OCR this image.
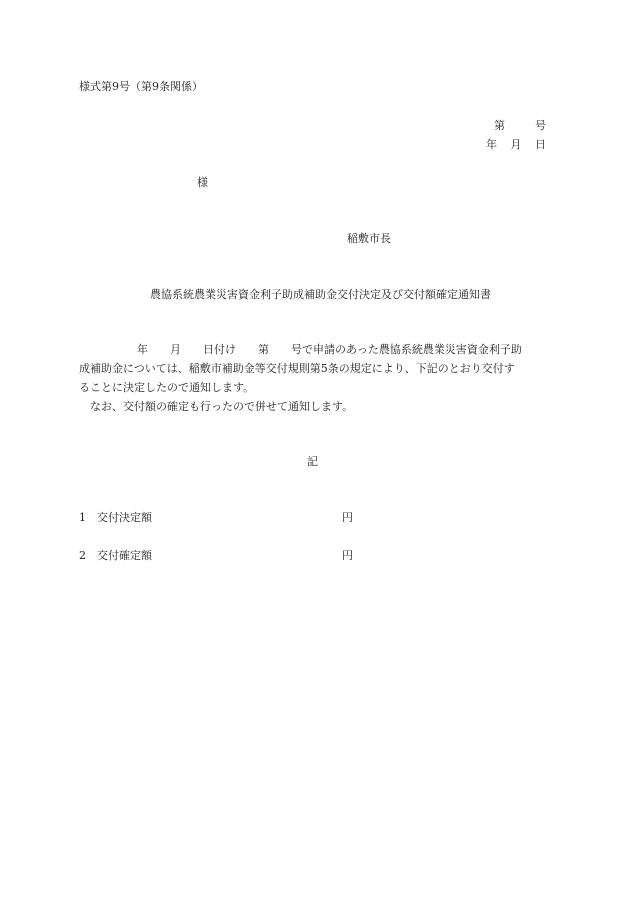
様式第9号（第9条関係）
第	号
年 月 日
様
稲敷市長
農協系統農業災害資金利子助成補助金交付決定及び交付額確定通知書
年 月 日付け 第 号で申請のあった農協系統農業災害資金利子助
成補助金については、稲敷市補助金等交付規則第5条の規定により、下記のとおり交付す
ることに決定したので通知します。
なお、交付額の確定も行ったので併せて通知します。
記
1 交付決定額	円
2 交付確定額	円
